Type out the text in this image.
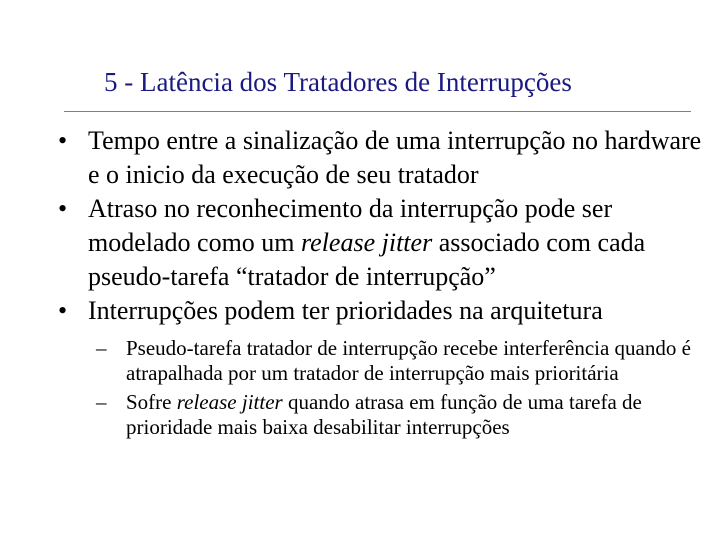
5 - Latência dos Tratadores de Interrupções
• Tempo entre a sinalização de uma interrupção no hardware e o inicio da execução de seu tratador
• Atraso no reconhecimento da interrupção pode ser modelado como um release jitter associado com cada pseudo-tarefa “tratador de interrupção”
• Interrupções podem ter prioridades na arquitetura
– Pseudo-tarefa tratador de interrupção recebe interferência quando é atrapalhada por um tratador de interrupção mais prioritária
– Sofre release jitter quando atrasa em função de uma tarefa de prioridade mais baixa desabilitar interrupções
